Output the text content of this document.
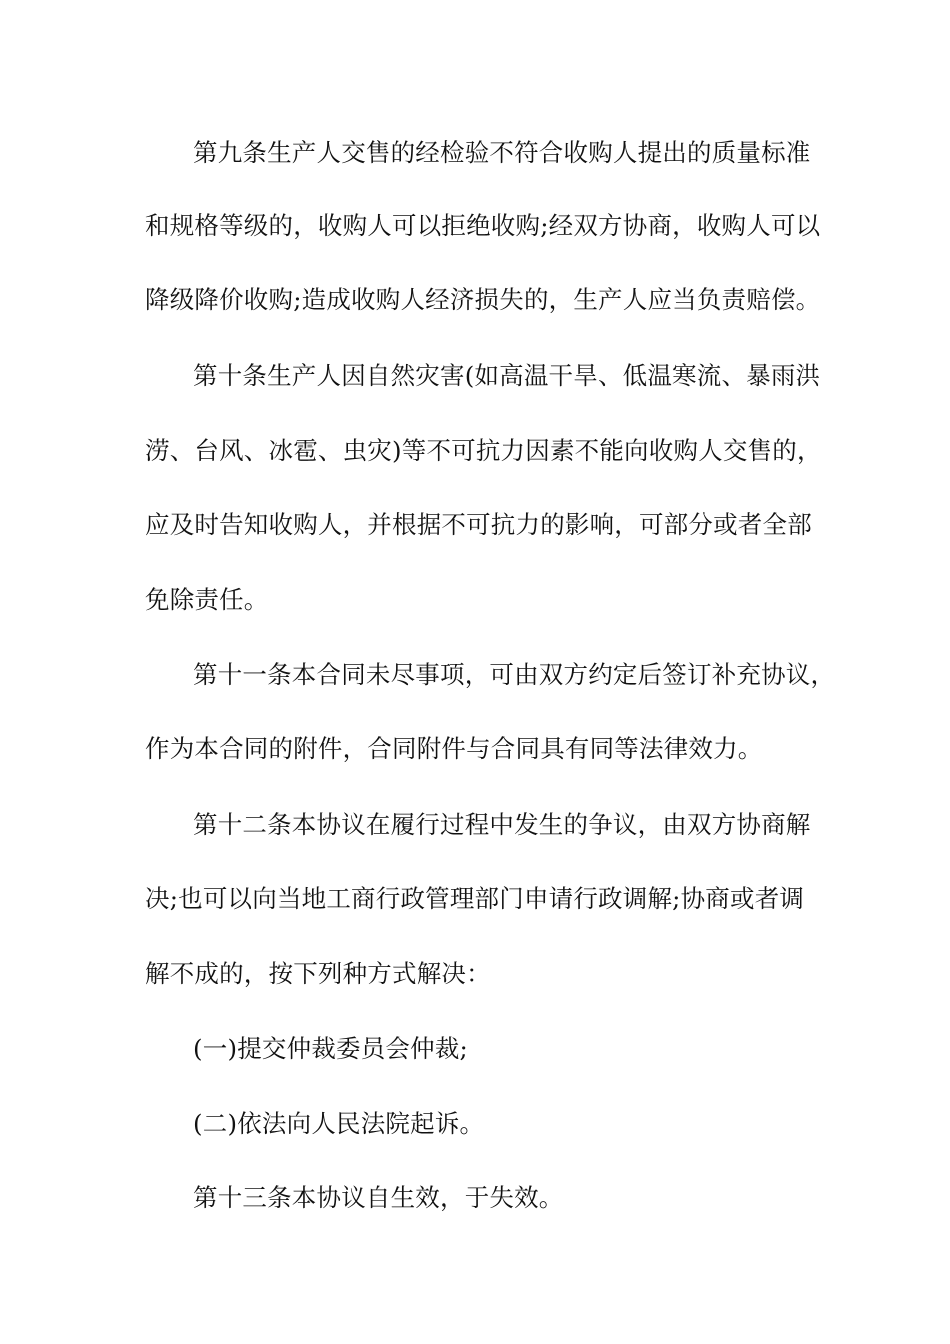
第九条生产人交售的经检验不符合收购人提出的质量标准
和规格等级的，收购人可以拒绝收购;经双方协商，收购人可以
降级降价收购;造成收购人经济损失的，生产人应当负责赔偿。
第十条生产人因自然灾害(如高温干旱、低温寒流、暴雨洪
涝、台风、冰雹、虫灾)等不可抗力因素不能向收购人交售的，
应及时告知收购人，并根据不可抗力的影响，可部分或者全部
免除责任。
第十一条本合同未尽事项，可由双方约定后签订补充协议，
作为本合同的附件，合同附件与合同具有同等法律效力。
第十二条本协议在履行过程中发生的争议，由双方协商解
决;也可以向当地工商行政管理部门申请行政调解;协商或者调
解不成的，按下列种方式解决：
(一)提交仲裁委员会仲裁;
(二)依法向人民法院起诉。
第十三条本协议自生效，于失效。
